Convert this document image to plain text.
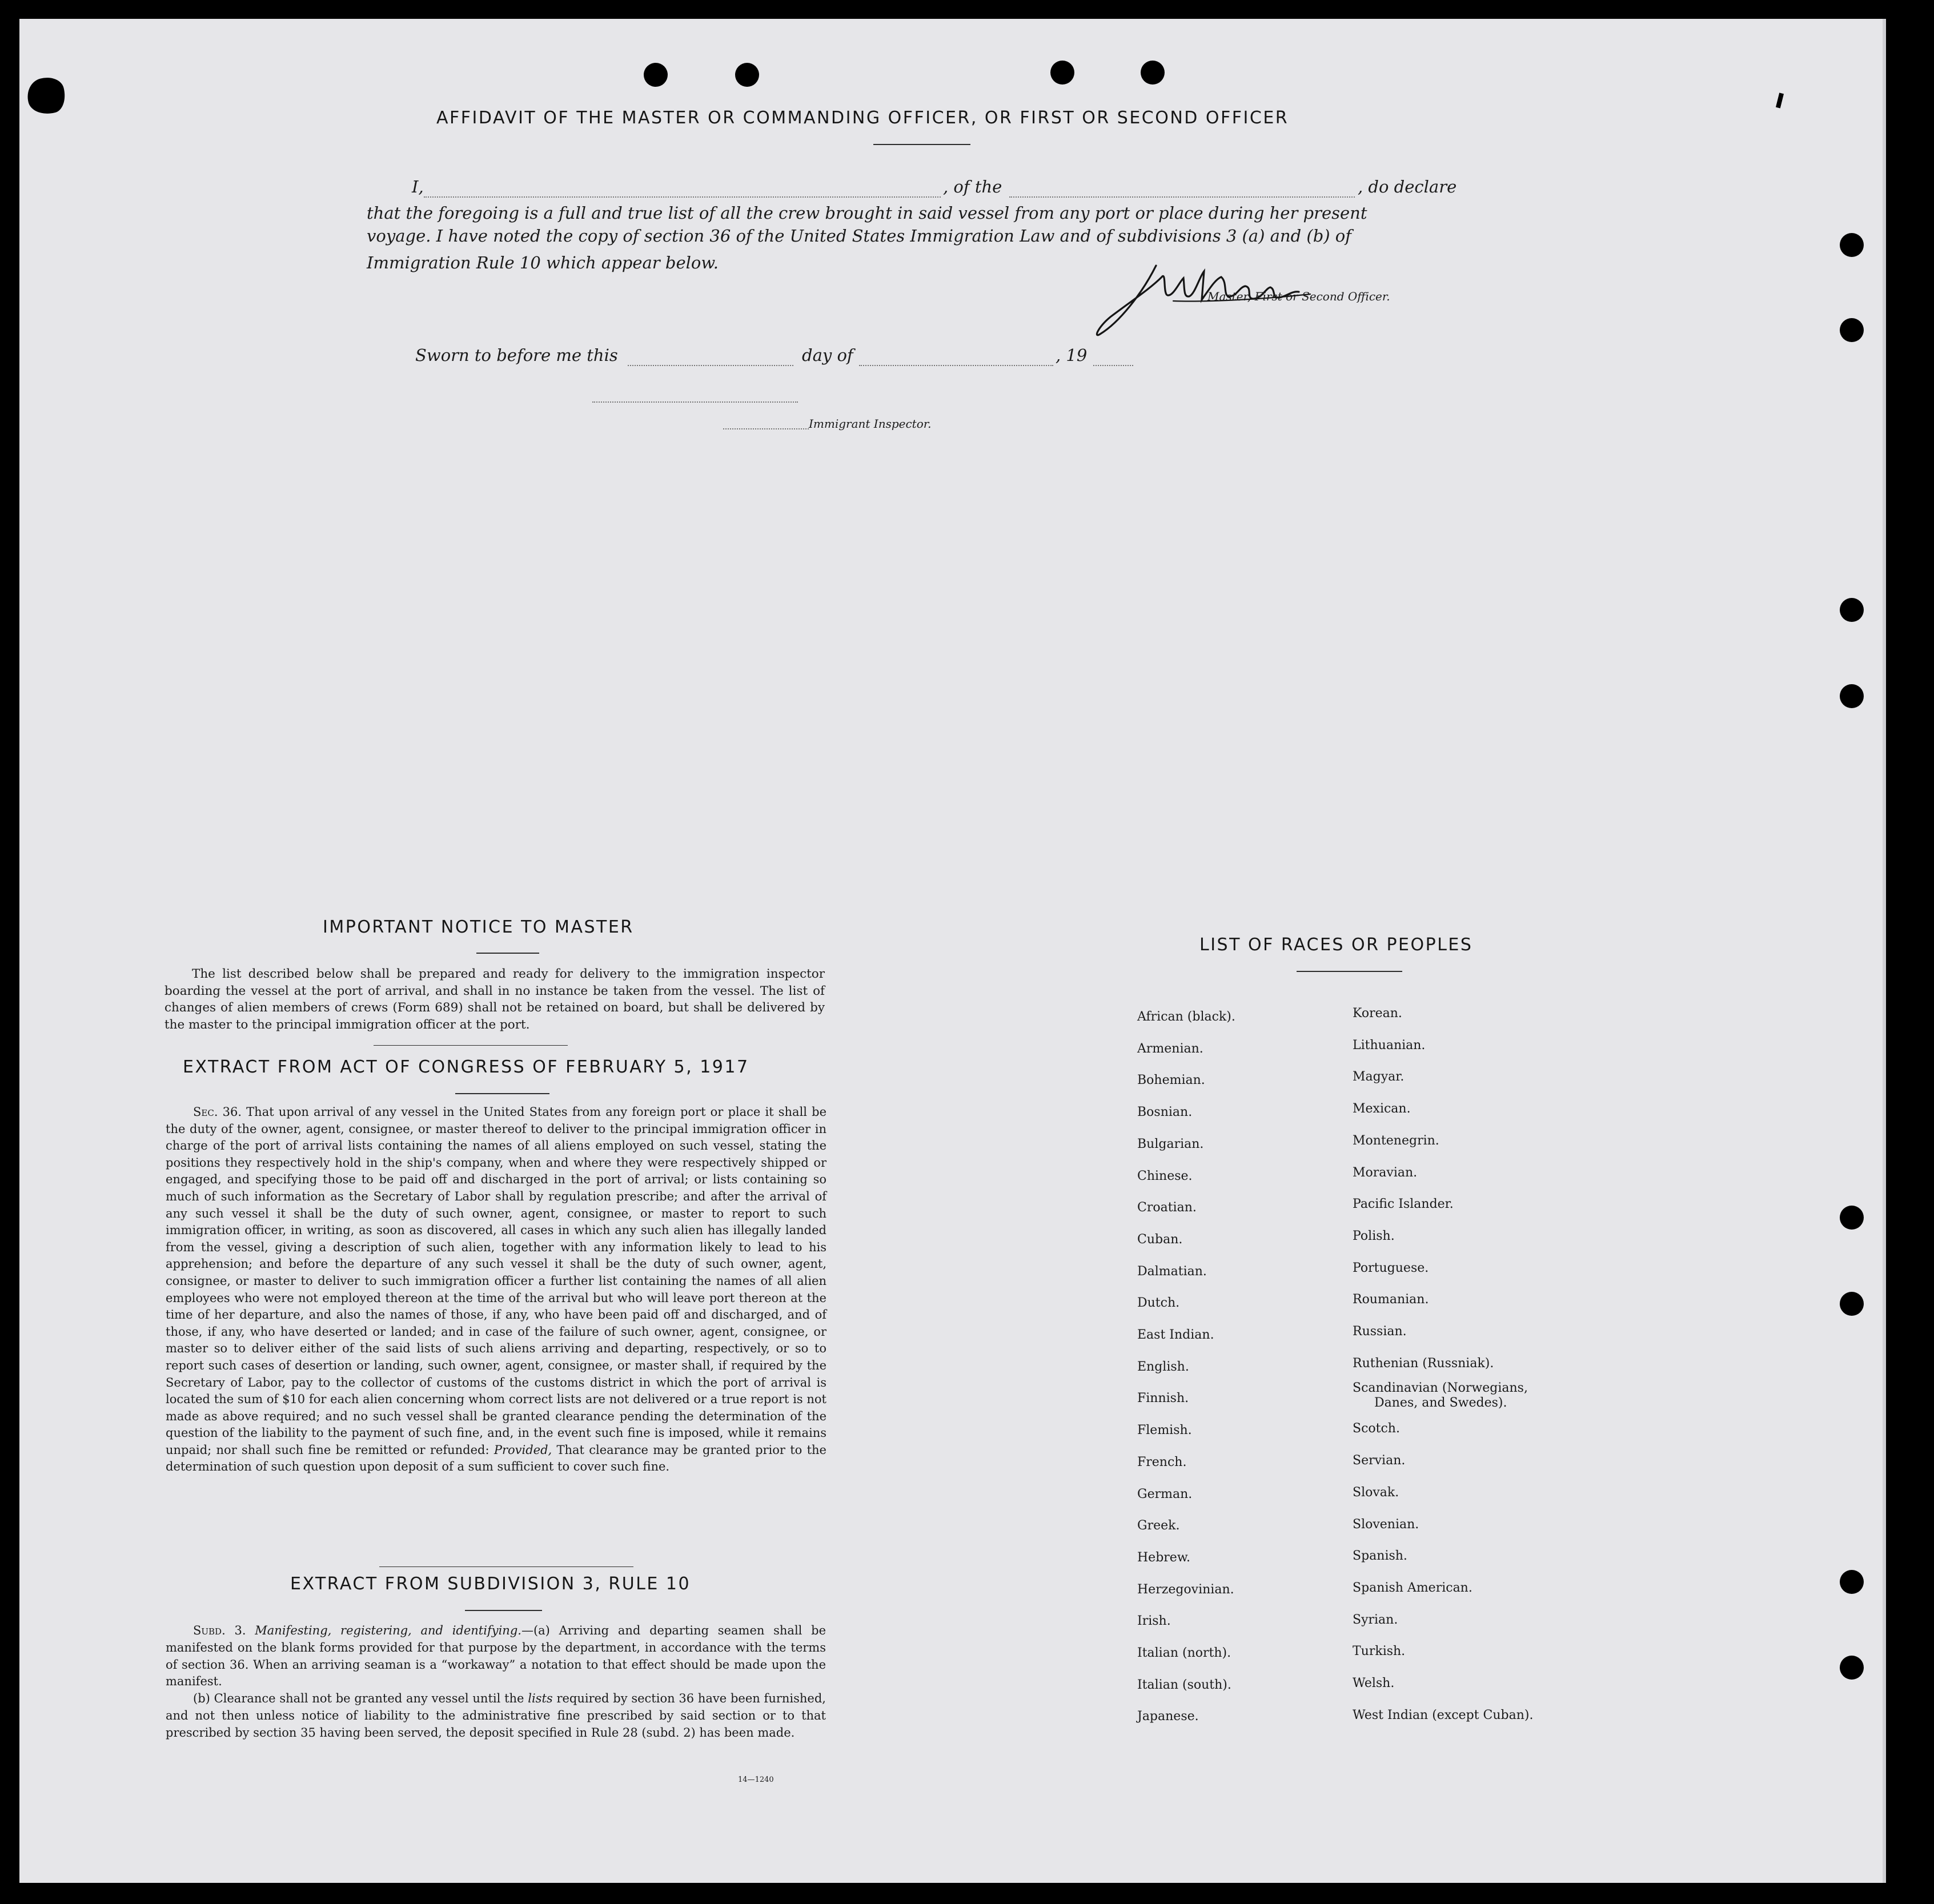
AFFIDAVIT OF THE MASTER OR COMMANDING OFFICER, OR FIRST OR SECOND OFFICER
I,	, of the	, do declare
that the foregoing is a full and true list of all the crew brought in said vessel from any port or place during her present
voyage. I have noted the copy of section 36 of the United States Immigration Law and of subdivisions 3 (a) and (b) of
Immigration Rule 10 which appear below.
Master, First or Second Officer.
Sworn to before me this	day of	, 19
Immigrant Inspector.
IMPORTANT NOTICE TO MASTER

The list described below shall be prepared and ready for delivery to the immigration inspector boarding the vessel at the port of arrival, and shall in no instance be taken from the vessel. The list of changes of alien members of crews (Form 689) shall not be retained on board, but shall be delivered by the master to the principal immigration officer at the port.

EXTRACT FROM ACT OF CONGRESS OF FEBRUARY 5, 1917

Sec. 36. That upon arrival of any vessel in the United States from any foreign port or place it shall be the duty of the owner, agent, consignee, or master thereof to deliver to the principal immigration officer in charge of the port of arrival lists containing the names of all aliens employed on such vessel, stating the positions they respectively hold in the ship's company, when and where they were respectively shipped or engaged, and specifying those to be paid off and discharged in the port of arrival; or lists containing so much of such information as the Secretary of Labor shall by regulation prescribe; and after the arrival of any such vessel it shall be the duty of such owner, agent, consignee, or master to report to such immigration officer, in writing, as soon as discovered, all cases in which any such alien has illegally landed from the vessel, giving a description of such alien, together with any information likely to lead to his apprehension; and before the departure of any such vessel it shall be the duty of such owner, agent, consignee, or master to deliver to such immigration officer a further list containing the names of all alien employees who were not employed thereon at the time of the arrival but who will leave port thereon at the time of her departure, and also the names of those, if any, who have been paid off and discharged, and of those, if any, who have deserted or landed; and in case of the failure of such owner, agent, consignee, or master so to deliver either of the said lists of such aliens arriving and departing, respectively, or so to report such cases of desertion or landing, such owner, agent, consignee, or master shall, if required by the Secretary of Labor, pay to the collector of customs of the customs district in which the port of arrival is located the sum of $10 for each alien concerning whom correct lists are not delivered or a true report is not made as above required; and no such vessel shall be granted clearance pending the determination of the question of the liability to the payment of such fine, and, in the event such fine is imposed, while it remains unpaid; nor shall such fine be remitted or refunded: Provided, That clearance may be granted prior to the determination of such question upon deposit of a sum sufficient to cover such fine.

EXTRACT FROM SUBDIVISION 3, RULE 10

Subd. 3. Manifesting, registering, and identifying.—(a) Arriving and departing seamen shall be manifested on the blank forms provided for that purpose by the department, in accordance with the terms of section 36. When an arriving seaman is a “workaway” a notation to that effect should be made upon the manifest.

(b) Clearance shall not be granted any vessel until the lists required by section 36 have been furnished, and not then unless notice of liability to the administrative fine prescribed by said section or to that prescribed by section 35 having been served, the deposit specified in Rule 28 (subd. 2) has been made.

14—1240
LIST OF RACES OR PEOPLES
African (black).
Armenian.
Bohemian.
Bosnian.
Bulgarian.
Chinese.
Croatian.
Cuban.
Dalmatian.
Dutch.
East Indian.
English.
Finnish.
Flemish.
French.
German.
Greek.
Hebrew.
Herzegovinian.
Irish.
Italian (north).
Italian (south).
Japanese.
Korean.
Lithuanian.
Magyar.
Mexican.
Montenegrin.
Moravian.
Pacific Islander.
Polish.
Portuguese.
Roumanian.
Russian.
Ruthenian (Russniak).
Scandinavian (Norwegians,
Danes, and Swedes).
Scotch.
Servian.
Slovak.
Slovenian.
Spanish.
Spanish American.
Syrian.
Turkish.
Welsh.
West Indian (except Cuban).
